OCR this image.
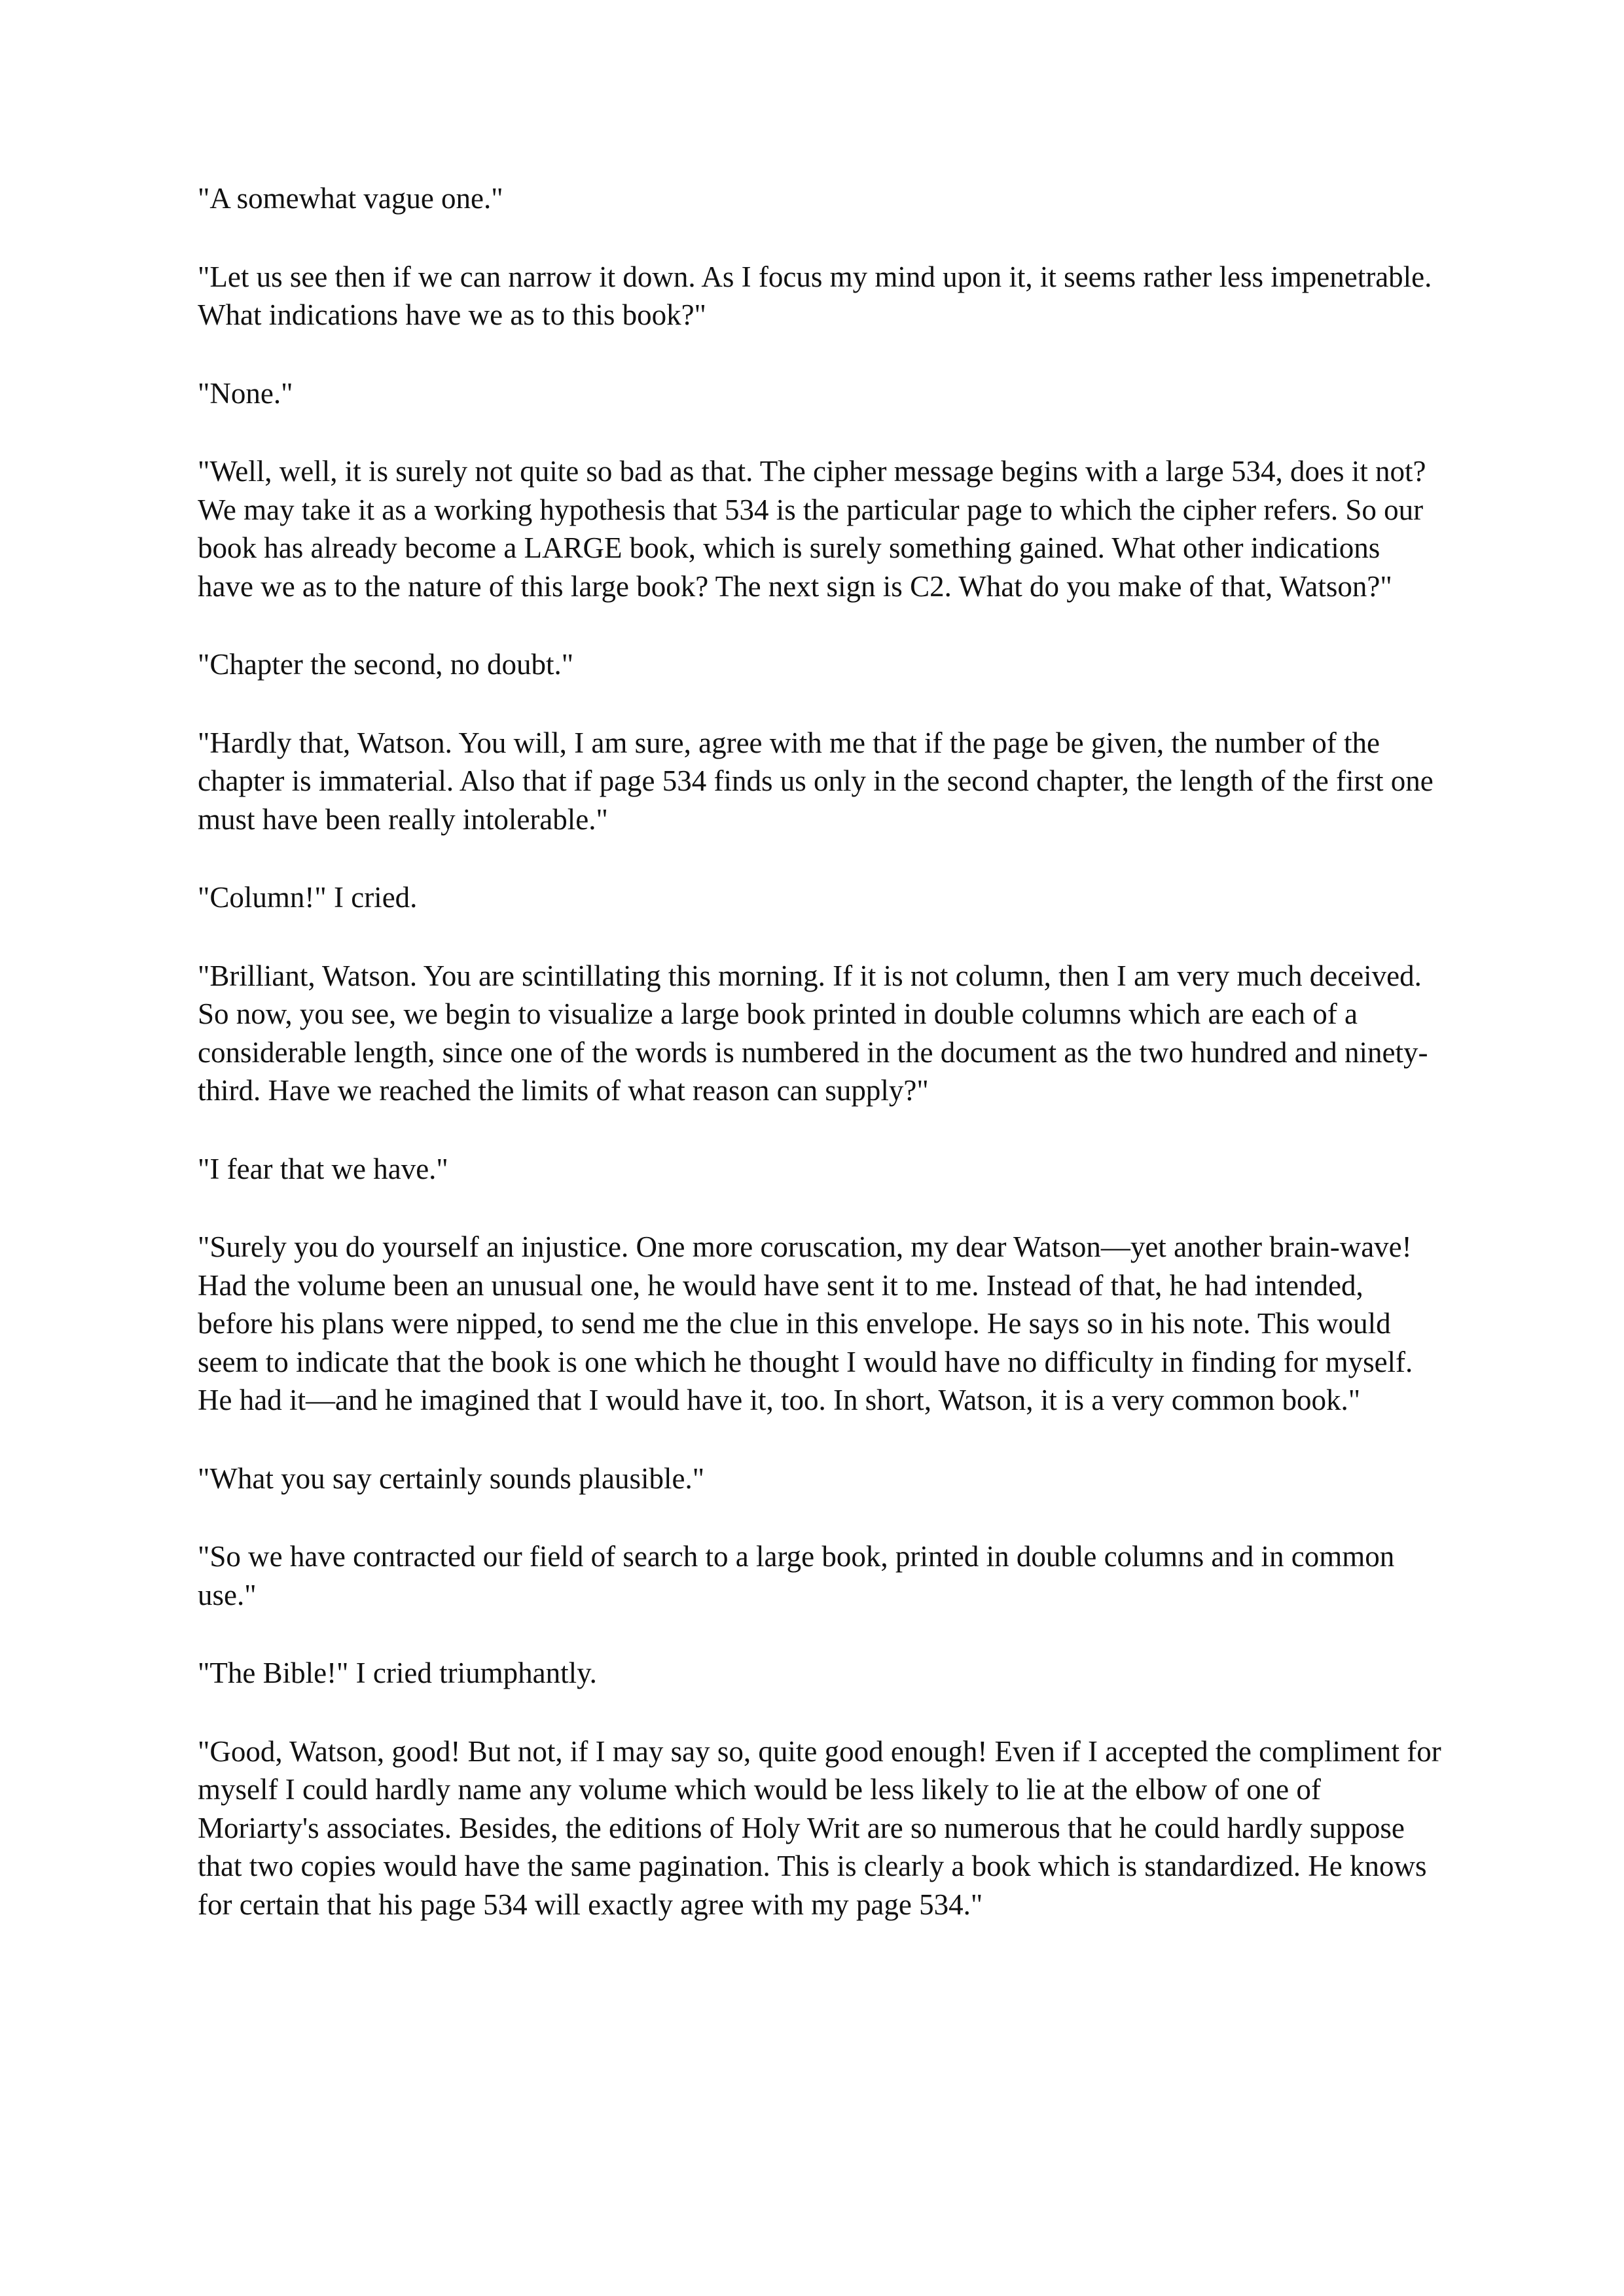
"A somewhat vague one."

"Let us see then if we can narrow it down. As I focus my mind upon it, it seems rather less impenetrable. What indications have we as to this book?"

"None."

"Well, well, it is surely not quite so bad as that. The cipher message begins with a large 534, does it not? We may take it as a working hypothesis that 534 is the particular page to which the cipher refers. So our book has already become a LARGE book, which is surely something gained. What other indications have we as to the nature of this large book? The next sign is C2. What do you make of that, Watson?"

"Chapter the second, no doubt."

"Hardly that, Watson. You will, I am sure, agree with me that if the page be given, the number of the chapter is immaterial. Also that if page 534 finds us only in the second chapter, the length of the first one must have been really intolerable."

"Column!" I cried.

"Brilliant, Watson. You are scintillating this morning. If it is not column, then I am very much deceived. So now, you see, we begin to visualize a large book printed in double columns which are each of a considerable length, since one of the words is numbered in the document as the two hundred and ninety-third. Have we reached the limits of what reason can supply?"

"I fear that we have."

"Surely you do yourself an injustice. One more coruscation, my dear Watson—yet another brain-wave! Had the volume been an unusual one, he would have sent it to me. Instead of that, he had intended, before his plans were nipped, to send me the clue in this envelope. He says so in his note. This would seem to indicate that the book is one which he thought I would have no difficulty in finding for myself. He had it—and he imagined that I would have it, too. In short, Watson, it is a very common book."

"What you say certainly sounds plausible."

"So we have contracted our field of search to a large book, printed in double columns and in common use."

"The Bible!" I cried triumphantly.

"Good, Watson, good! But not, if I may say so, quite good enough! Even if I accepted the compliment for myself I could hardly name any volume which would be less likely to lie at the elbow of one of Moriarty's associates. Besides, the editions of Holy Writ are so numerous that he could hardly suppose that two copies would have the same pagination. This is clearly a book which is standardized. He knows for certain that his page 534 will exactly agree with my page 534."
